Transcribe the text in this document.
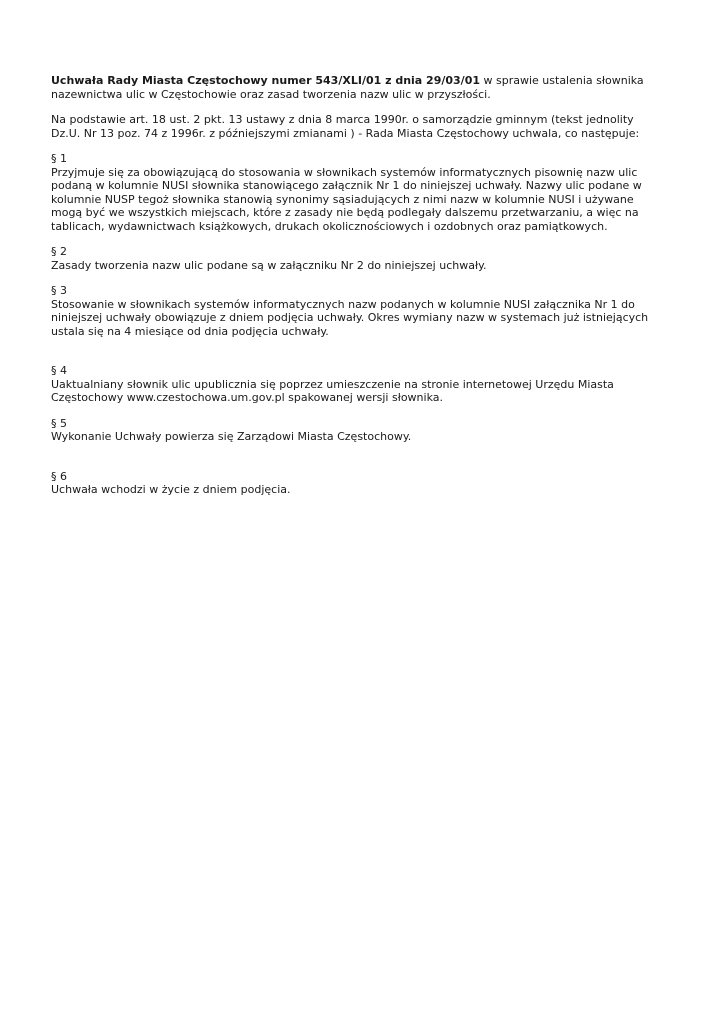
Uchwała Rady Miasta Częstochowy numer 543/XLI/01 z dnia 29/03/01 w sprawie ustalenia słownika nazewnictwa ulic w Częstochowie oraz zasad tworzenia nazw ulic w przyszłości.

Na podstawie art. 18 ust. 2 pkt. 13 ustawy z dnia 8 marca 1990r. o samorządzie gminnym (tekst jednolity Dz.U. Nr 13 poz. 74 z 1996r. z późniejszymi zmianami ) - Rada Miasta Częstochowy uchwala, co następuje:

§ 1
Przyjmuje się za obowiązującą do stosowania w słownikach systemów informatycznych pisownię nazw ulic podaną w kolumnie NUSI słownika stanowiącego załącznik Nr 1 do niniejszej uchwały. Nazwy ulic podane w kolumnie NUSP tegoż słownika stanowią synonimy sąsiadujących z nimi nazw w kolumnie NUSI i używane mogą być we wszystkich miejscach, które z zasady nie będą podlegały dalszemu przetwarzaniu, a więc na tablicach, wydawnictwach książkowych, drukach okolicznościowych i ozdobnych oraz pamiątkowych.
§ 2
Zasady tworzenia nazw ulic podane są w załączniku Nr 2 do niniejszej uchwały.
§ 3
Stosowanie w słownikach systemów informatycznych nazw podanych w kolumnie NUSI załącznika Nr 1 do niniejszej uchwały obowiązuje z dniem podjęcia uchwały. Okres wymiany nazw w systemach już istniejących ustala się na 4 miesiące od dnia podjęcia uchwały.
§ 4
Uaktualniany słownik ulic upublicznia się poprzez umieszczenie na stronie internetowej Urzędu Miasta Częstochowy www.czestochowa.um.gov.pl spakowanej wersji słownika.
§ 5
Wykonanie Uchwały powierza się Zarządowi Miasta Częstochowy.
§ 6
Uchwała wchodzi w życie z dniem podjęcia.
